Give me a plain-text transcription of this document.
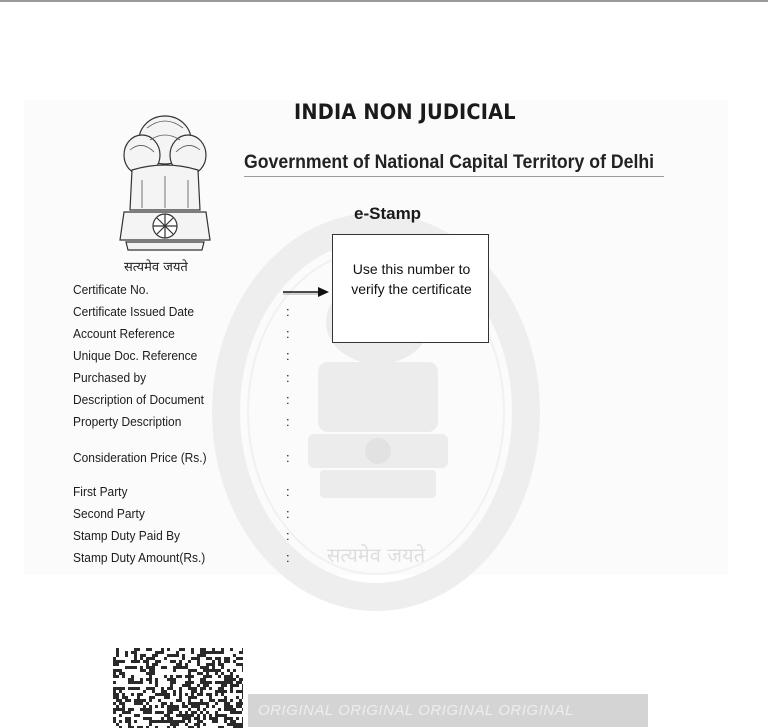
सत्यमेव जयते
सत्यमेव जयते
INDIA NON JUDICIAL
Government of National Capital Territory of Delhi
e-Stamp
Certificate No.
Certificate Issued Date
Account Reference
Unique Doc. Reference
Purchased by
Description of Document
Property Description
Consideration Price (Rs.)
First Party
Second Party
Stamp Duty Paid By
Stamp Duty Amount(Rs.)
:
:
:
:
:
:
:
:
:
:
:
Use this number to
verify the certificate
ORIGINAL ORIGINAL ORIGINAL ORIGINAL
